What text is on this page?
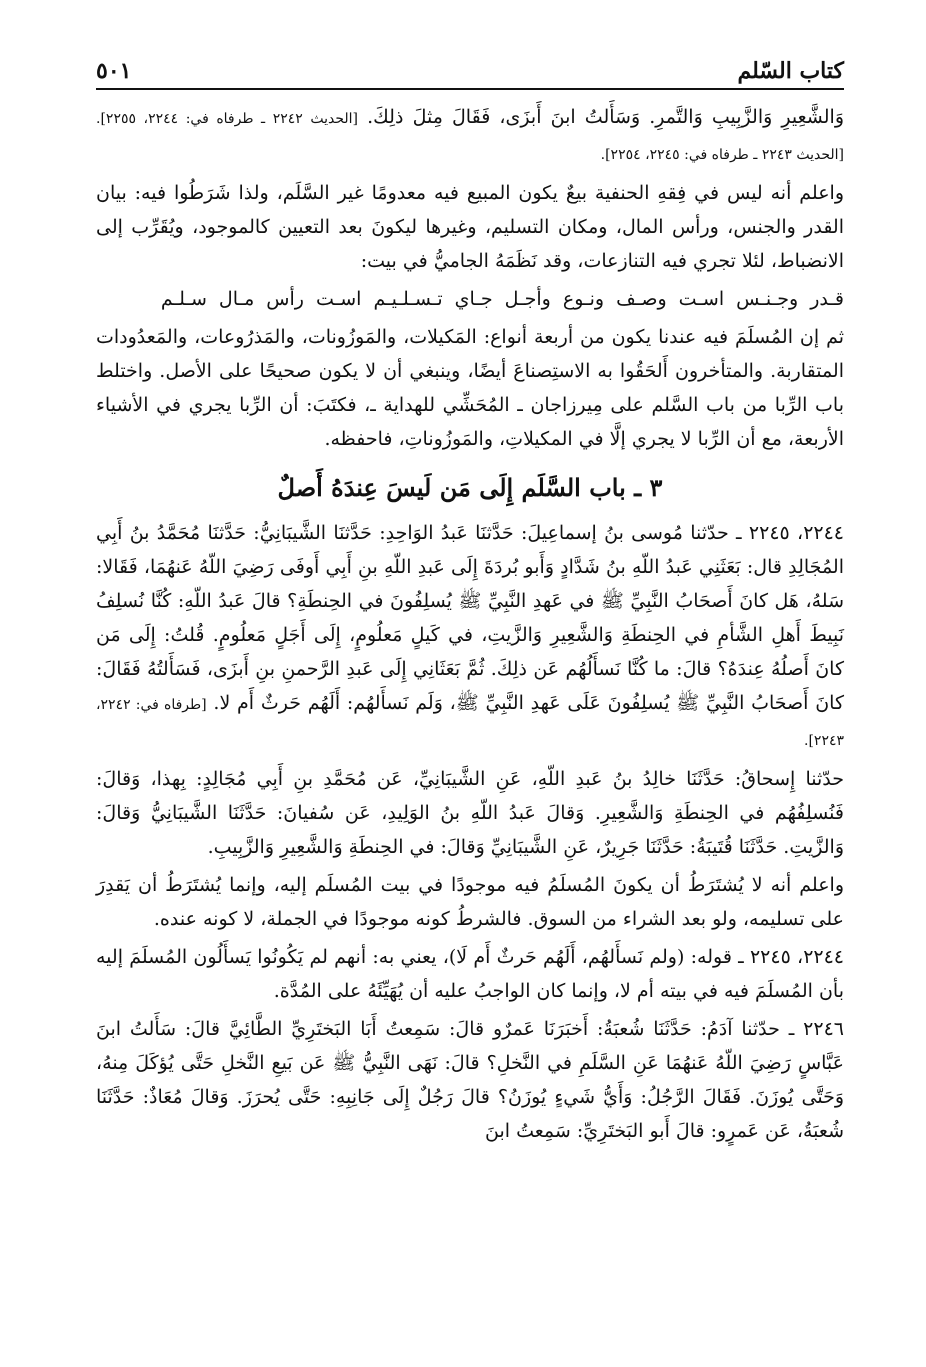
كتاب السّلم
٥٠١

وَالشَّعِيرِ وَالزَّبِيبِ وَالتَّمرِ. وَسَأَلتُ ابنَ أَبزَى، فَقَالَ مِثلَ ذلِكَ. [الحديث ٢٢٤٢ ـ طرفاه في: ٢٢٤٤، ٢٢٥٥]. [الحديث ٢٢٤٣ ـ طرفاه في: ٢٢٤٥، ٢٢٥٤].

واعلم أنه ليس في فِقهِ الحنفية بيعٌ يكون المبيع فيه معدومًا غير السَّلَم، ولذا شَرَطُوا فيه: بيان القدر والجنس، ورأس المال، ومكان التسليم، وغيرها ليكونَ بعد التعيين كالموجود، ويُقَرِّب إلى الانضباط، لئلا تجري فيه التنازعات، وقد نَظَمَهُ الجاميُّ في بيت:

قـدر وجـنـس اسـت وصـف ونـوع وأجـل جـاي تـسـلـيـم اسـت رأس مـال سـلـم

ثم إن المُسلَمَ فيه عندنا يكون من أربعة أنواع: المَكيلات، والمَوزُونات، والمَذرُوعات، والمَعدُودات المتقاربة. والمتأخرون أَلحَقُوا به الاستِصناعَ أيضًا، وينبغي أن لا يكون صحيحًا على الأصل. واختلط باب الرِّبا من باب السَّلم على مِيرزاجان ـ المُحَشِّي للهداية ـ، فكتَبَ: أن الرِّبا يجري في الأشياء الأربعة، مع أن الرِّبا لا يجري إلَّا في المكيلاتِ، والمَوزُوناتِ، فاحفظه.

٣ ـ باب السَّلَم إِلَى مَن لَيسَ عِندَهُ أَصلٌ

٢٢٤٤، ٢٢٤٥ ـ حدّثنا مُوسى بنُ إسماعِيلَ: حَدَّثنَا عَبدُ الوَاحِدِ: حَدَّثنَا الشَّيبَانِيُّ: حَدَّثنَا مُحَمَّدُ بنُ أَبِي المُجَالِدِ قال: بَعَثَنِي عَبدُ اللّهِ بنُ شَدَّادٍ وَأَبو بُردَةَ إِلَى عَبدِ اللّهِ بنِ أَبِي أَوفَى رَضِيَ اللّهُ عَنهُمَا، فَقَالا: سَلهُ، هَل كانَ أَصحَابُ النَّبِيِّ ﷺ في عَهدِ النَّبِيِّ ﷺ يُسلِفُونَ في الحِنطَةِ؟ قالَ عَبدُ اللّهِ: كُنَّا نُسلِفُ نَبِيطَ أَهلِ الشَّأمِ في الحِنطَةِ وَالشَّعِيرِ وَالزَّيتِ، في كَيلٍ مَعلُومٍ، إِلَى أَجَلٍ مَعلُومٍ. قُلتُ: إِلَى مَن كانَ أَصلُهُ عِندَهُ؟ قالَ: ما كُنَّا نَسأَلُهُم عَن ذلِكَ. ثُمَّ بَعَثَانِي إِلَى عَبدِ الرَّحمنِ بنِ أَبزَى، فَسَأَلتُهُ فَقَالَ: كانَ أَصحَابُ النَّبِيِّ ﷺ يُسلِفُونَ عَلَى عَهدِ النَّبِيِّ ﷺ، وَلَم نَسأَلهُم: أَلَهُم حَرثٌ أَم لا. [طرفاه في: ٢٢٤٢، ٢٢٤٣].

حدّثنا إِسحاقُ: حَدَّثَنَا خالِدُ بنُ عَبدِ اللّهِ، عَنِ الشَّيبَانِيِّ، عَن مُحَمَّدِ بنِ أَبِي مُجَالِدٍ: بِهذا، وَقالَ: فَنُسلِفُهُم في الحِنطَةِ وَالشَّعِيرِ. وَقالَ عَبدُ اللّهِ بنُ الوَلِيدِ، عَن سُفيانَ: حَدَّثَنَا الشَّيبَانِيُّ وَقالَ: وَالزَّيتِ. حَدَّثَنَا قُتَيبَةُ: حَدَّثَنَا جَرِيرٌ، عَنِ الشَّيبَانِيِّ وَقالَ: في الحِنطَةِ وَالشَّعِيرِ وَالزَّبِيبِ.

واعلم أنه لا يُشتَرَطُ أن يكونَ المُسلَمُ فيه موجودًا في بيت المُسلَم إليه، وإنما يُشتَرَطُ أن يَقدِرَ على تسليمه، ولو بعد الشراء من السوق. فالشرطُ كونه موجودًا في الجملة، لا كونه عنده.

٢٢٤٤، ٢٢٤٥ ـ قوله: (ولم نَسأَلهُم، أَلَهُم حَرثٌ أَم لَا)، يعني به: أنهم لم يَكُونُوا يَسأَلُون المُسلَمَ إليه بأن المُسلَمَ فيه في بيته أم لا، وإنما كان الواجبُ عليه أن يُهَيِّئَهُ على المُدَّة.

٢٢٤٦ ـ حدّثنا آدَمُ: حَدَّثَنَا شُعبَةُ: أَخبَرَنَا عَمرٌو قالَ: سَمِعتُ أَبَا البَختَرِيِّ الطَّائِيَّ قالَ: سَأَلتُ ابنَ عَبَّاسٍ رَضِيَ اللّهُ عَنهُمَا عَنِ السَّلَمِ في النَّخلِ؟ قالَ: نَهَى النَّبِيُّ ﷺ عَن بَيعِ النَّخلِ حَتَّى يُؤكَلَ مِنهُ، وَحَتَّى يُوزَنَ. فَقَالَ الرَّجُلُ: وَأَيُّ شَيءٍ يُوزَنُ؟ قالَ رَجُلٌ إِلَى جَانِبِهِ: حَتَّى يُحرَزَ. وَقالَ مُعَاذٌ: حَدَّثَنَا شُعبَةُ، عَن عَمرٍو: قالَ أَبو البَختَرِيِّ: سَمِعتُ ابنَ
